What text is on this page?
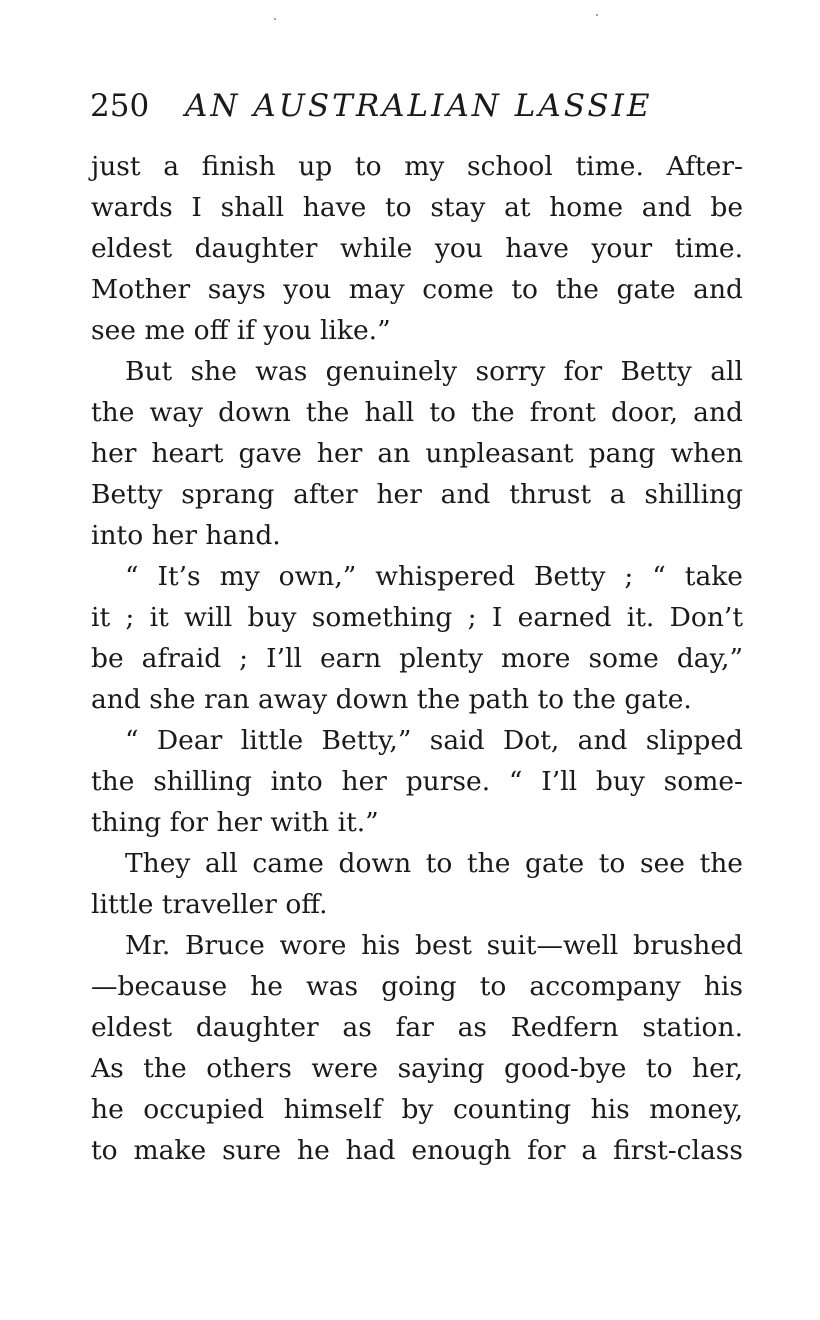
250 AN AUSTRALIAN LASSIE

just a finish up to my school time. After-
wards I shall have to stay at home and be
eldest daughter while you have your time.
Mother says you may come to the gate and
see me off if you like.”

But she was genuinely sorry for Betty all
the way down the hall to the front door, and
her heart gave her an unpleasant pang when
Betty sprang after her and thrust a shilling
into her hand.

“ It’s my own,” whispered Betty ; “ take
it ; it will buy something ; I earned it. Don’t
be afraid ; I’ll earn plenty more some day,”
and she ran away down the path to the gate.

“ Dear little Betty,” said Dot, and slipped
the shilling into her purse. “ I’ll buy some-
thing for her with it.”

They all came down to the gate to see the
little traveller off.

Mr. Bruce wore his best suit—well brushed
—because he was going to accompany his
eldest daughter as far as Redfern station.
As the others were saying good-bye to her,
he occupied himself by counting his money,
to make sure he had enough for a first-class
